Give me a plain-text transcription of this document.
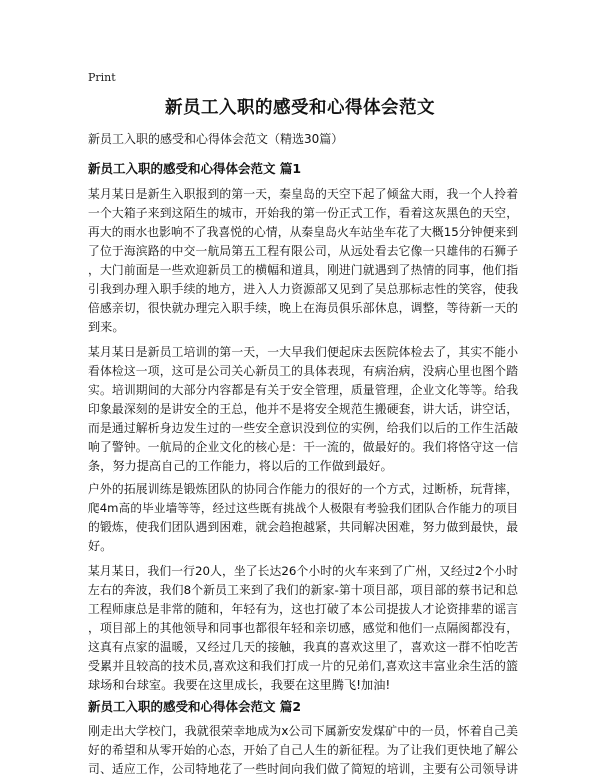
Print
新员工入职的感受和心得体会范文
新员工入职的感受和心得体会范文（精选30篇）
新员工入职的感受和心得体会范文 篇1
某月某日是新生入职报到的第一天，秦皇岛的天空下起了倾盆大雨，我一个人拎着
一个大箱子来到这陌生的城市，开始我的第一份正式工作，看着这灰黑色的天空，
再大的雨水也影响不了我喜悦的心情，从秦皇岛火车站坐车花了大概15分钟便来到
了位于海滨路的中交一航局第五工程有限公司，从远处看去它像一只雄伟的石狮子
，大门前面是一些欢迎新员工的横幅和道具，刚进门就遇到了热情的同事，他们指
引我到办理入职手续的地方，进入人力资源部又见到了吴总那标志性的笑容，使我
倍感亲切，很快就办理完入职手续，晚上在海员俱乐部休息，调整，等待新一天的
到来。
某月某日是新员工培训的第一天，一大早我们便起床去医院体检去了，其实不能小
看体检这一项，这可是公司关心新员工的具体表现，有病治病，没病心里也图个踏
实。培训期间的大部分内容都是有关于安全管理，质量管理，企业文化等等。给我
印象最深刻的是讲安全的王总，他并不是将安全规范生搬硬套，讲大话，讲空话，
而是通过解析身边发生过的一些安全意识没到位的实例，给我们以后的工作生活敲
响了警钟。一航局的企业文化的核心是：干一流的，做最好的。我们将恪守这一信
条，努力提高自己的工作能力，将以后的工作做到最好。
户外的拓展训练是锻炼团队的协同合作能力的很好的一个方式，过断桥，玩背摔，
爬4m高的毕业墙等等，经过这些既有挑战个人极限有考验我们团队合作能力的项目
的锻炼，使我们团队遇到困难，就会趋抱越紧，共同解决困难，努力做到最快，最
好。
某月某日，我们一行20人，坐了长达26个小时的火车来到了广州，又经过2个小时
左右的奔波，我们8个新员工来到了我们的新家-第十项目部，项目部的蔡书记和总
工程师康总是非常的随和，年轻有为，这也打破了本公司提拔人才论资排辈的谣言
，项目部上的其他领导和同事也都很年轻和亲切感，感觉和他们一点隔阂都没有，
这真有点家的温暖，又经过几天的接触，我真的喜欢这里了，喜欢这一群不怕吃苦
受累并且较高的技术员,喜欢这和我们打成一片的兄弟们,喜欢这丰富业余生活的篮
球场和台球室。我要在这里成长，我要在这里腾飞!加油!
新员工入职的感受和心得体会范文 篇2
刚走出大学校门，我就很荣幸地成为x公司下属新安发煤矿中的一员，怀着自己美
好的希望和从零开始的心态，开始了自己人生的新征程。为了让我们更快地了解公
司、适应工作，公司特地花了一些时间向我们做了简短的培训，主要有公司领导讲
